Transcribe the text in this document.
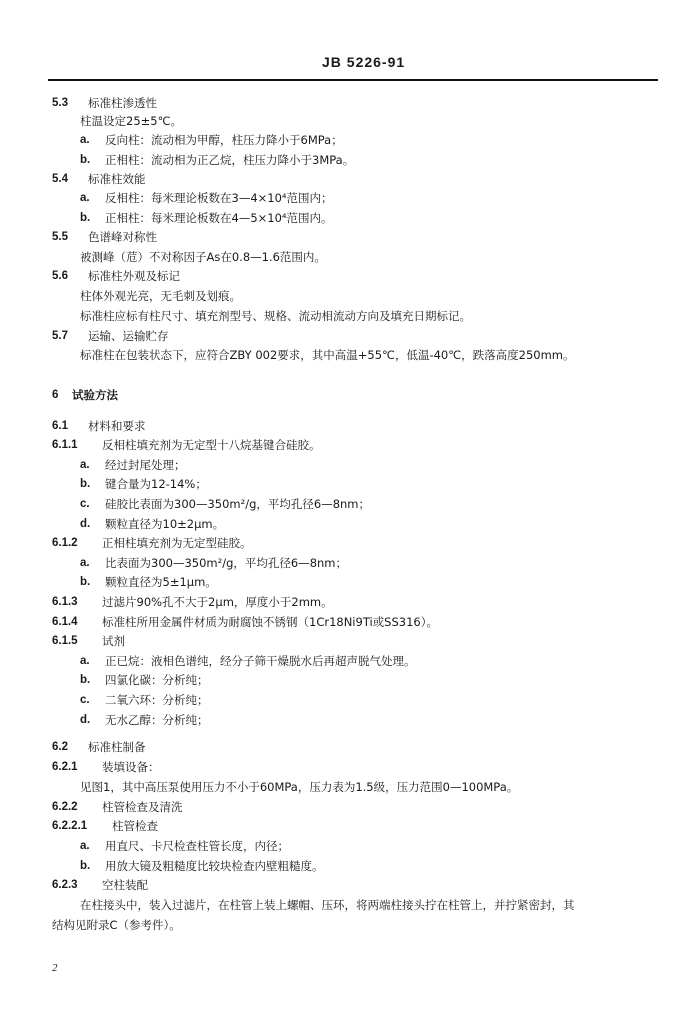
JB 5226-91
5.3 标准柱渗透性
柱温设定25±5℃。
a. 反向柱：流动相为甲醇，柱压力降小于6MPa；
b. 正相柱：流动相为正乙烷，柱压力降小于3MPa。
5.4 标准柱效能
a. 反相柱：每米理论板数在3—4×10⁴范围内；
b. 正相柱：每米理论板数在4—5×10⁴范围内。
5.5 色谱峰对称性
被测峰（苊）不对称因子As在0.8—1.6范围内。
5.6 标准柱外观及标记
柱体外观光亮，无毛刺及划痕。
标准柱应标有柱尺寸、填充剂型号、规格、流动相流动方向及填充日期标记。
5.7 运输、运输贮存
标准柱在包装状态下，应符合ZBY 002要求，其中高温+55℃，低温-40℃，跌落高度250mm。
6 试验方法
6.1 材料和要求
6.1.1 反相柱填充剂为无定型十八烷基键合硅胶。
a. 经过封尾处理；
b. 键合量为12-14%；
c. 硅胶比表面为300—350m²/g，平均孔径6—8nm；
d. 颗粒直径为10±2μm。
6.1.2 正相柱填充剂为无定型硅胶。
a. 比表面为300—350m²/g，平均孔径6—8nm；
b. 颗粒直径为5±1μm。
6.1.3 过滤片90%孔不大于2μm，厚度小于2mm。
6.1.4 标准柱所用金属件材质为耐腐蚀不锈钢（1Cr18Ni9Ti或SS316）。
6.1.5 试剂
a. 正已烷：液相色谱纯，经分子筛干燥脱水后再超声脱气处理。
b. 四氯化碳：分析纯；
c. 二氧六环：分析纯；
d. 无水乙醇：分析纯；
6.2 标准柱制备
6.2.1 装填设备：
见图1，其中高压泵使用压力不小于60MPa，压力表为1.5级，压力范围0—100MPa。
6.2.2 柱管检查及清洗
6.2.2.1 柱管检查
a. 用直尺、卡尺检查柱管长度，内径；
b. 用放大镜及粗糙度比较块检查内壁粗糙度。
6.2.3 空柱装配
在柱接头中，装入过滤片，在柱管上装上螺帽、压环，将两端柱接头拧在柱管上，并拧紧密封，其
结构见附录C（参考件）。
2
